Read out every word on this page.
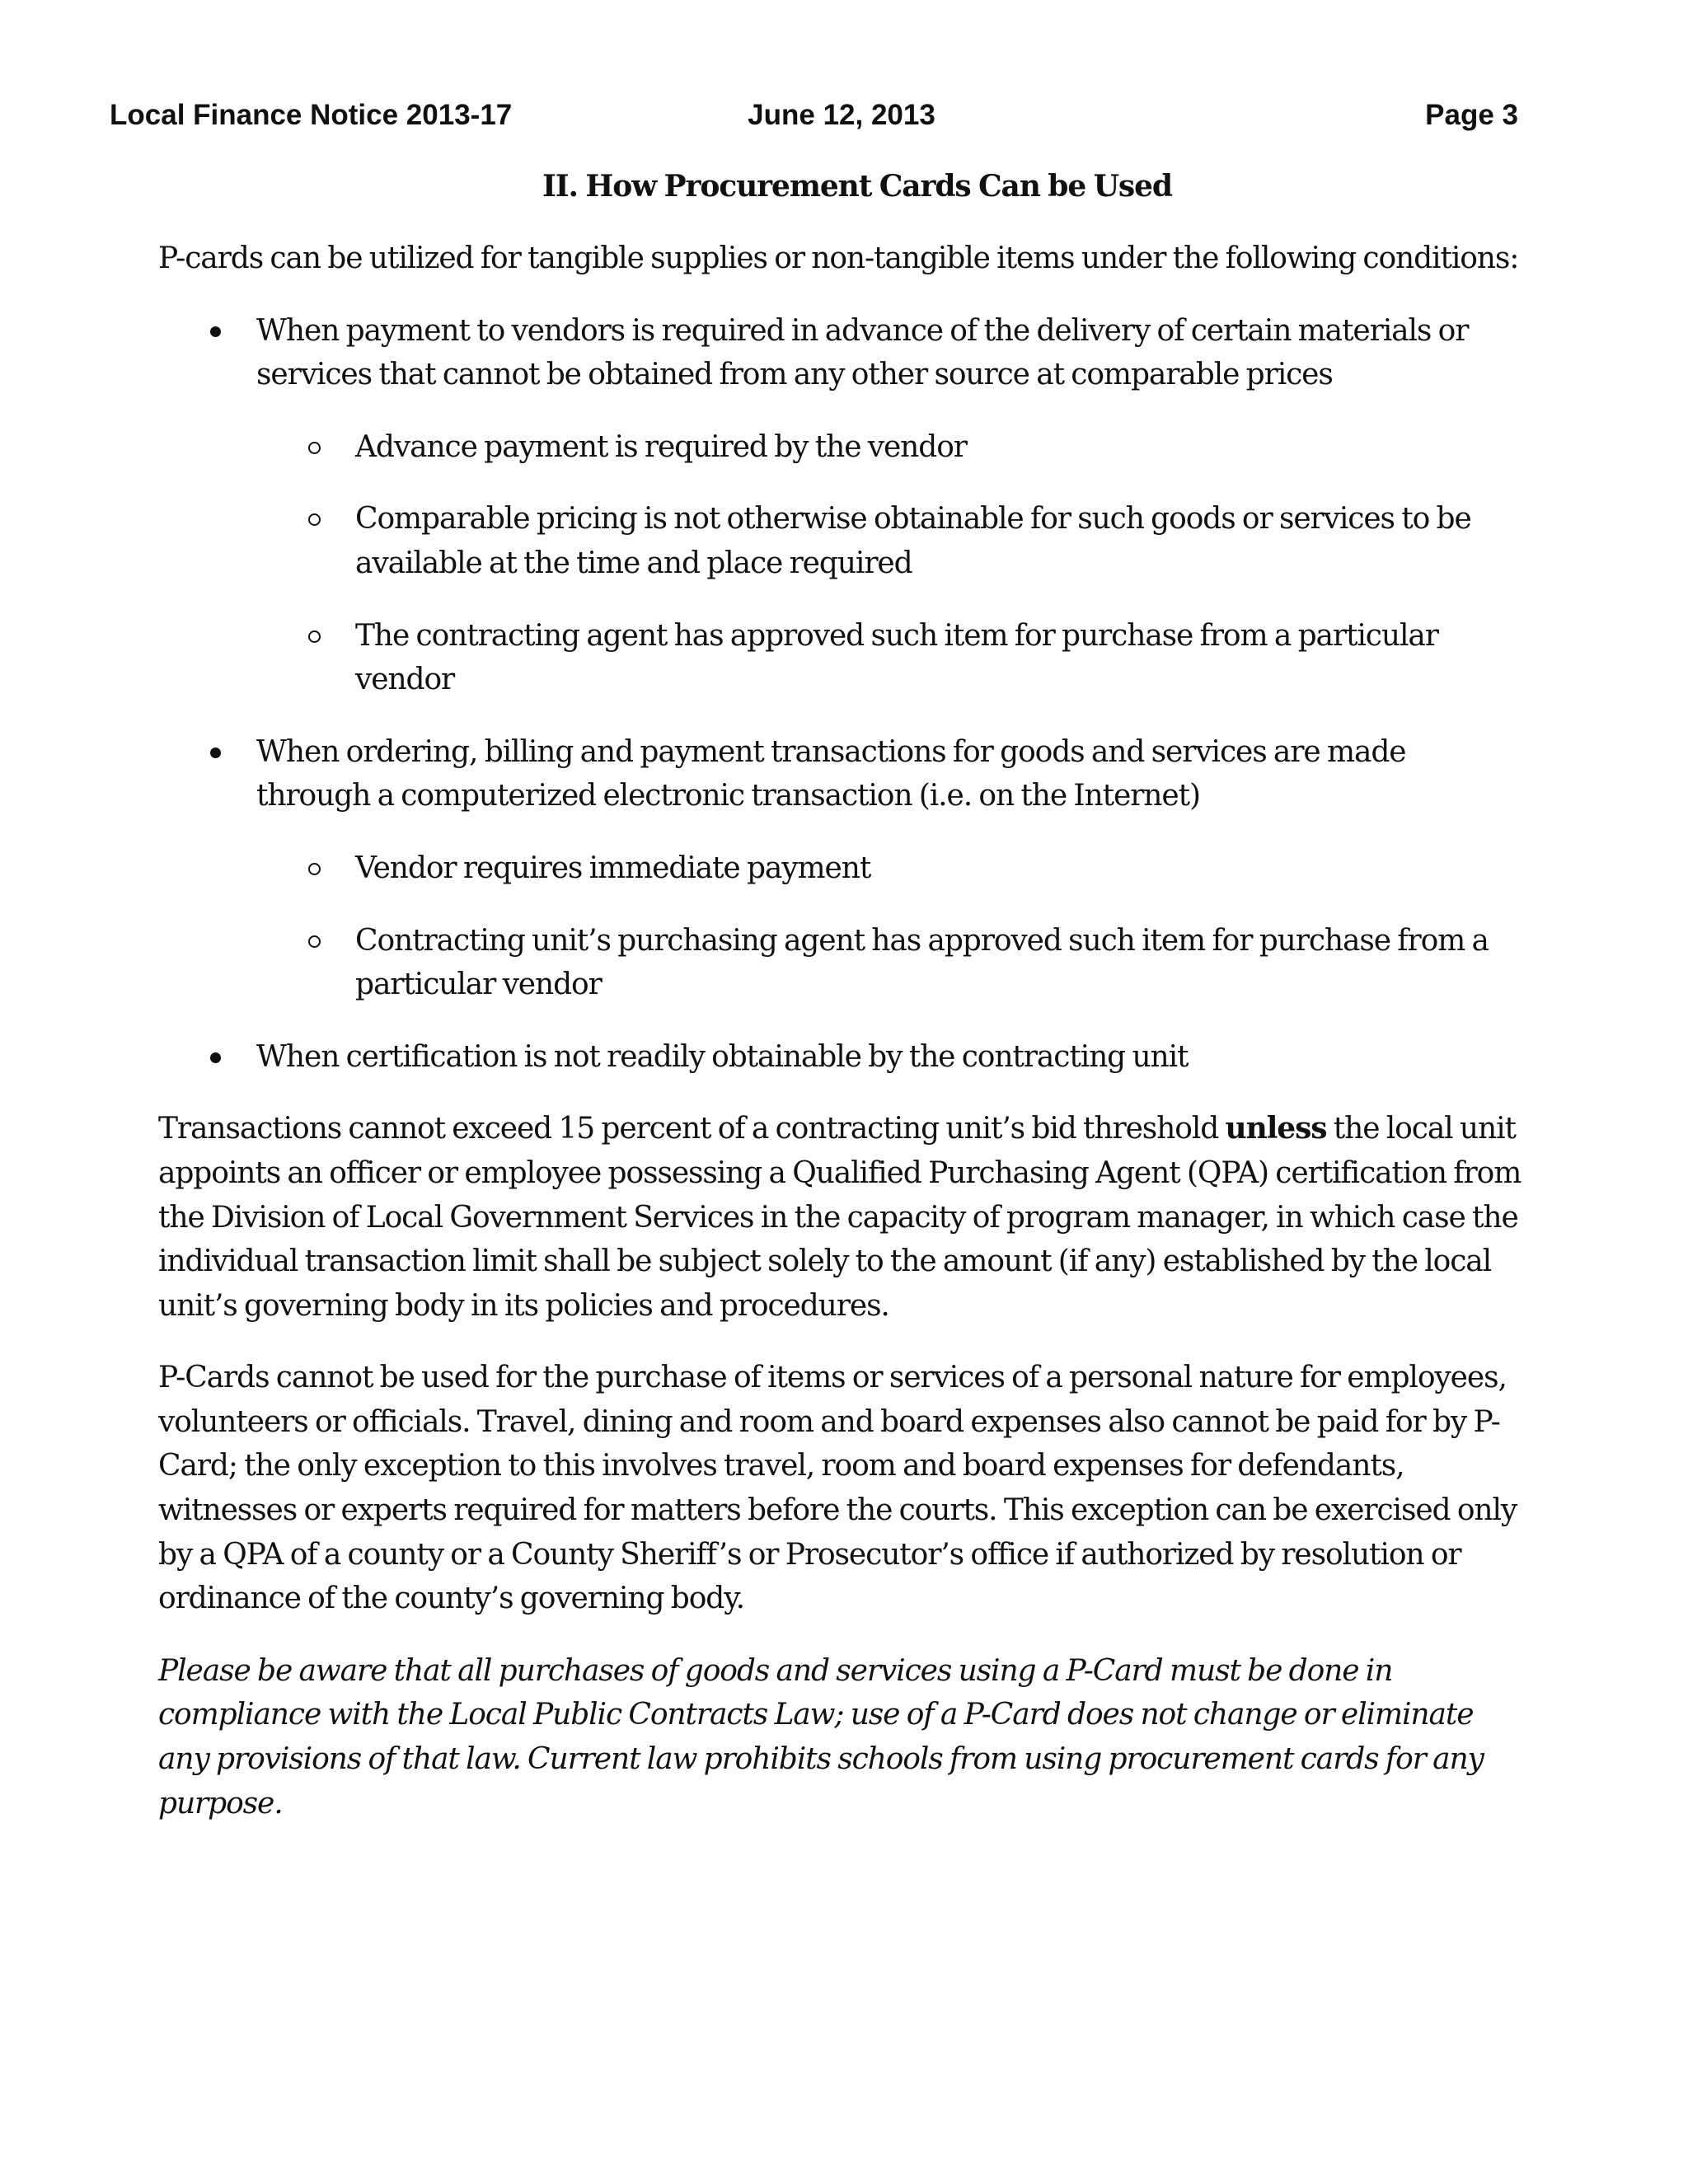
Local Finance Notice 2013-17	June 12, 2013	Page 3
II. How Procurement Cards Can be Used

P-cards can be utilized for tangible supplies or non-tangible items under the following conditions:

When payment to vendors is required in advance of the delivery of certain materials or services that cannot be obtained from any other source at comparable prices
Advance payment is required by the vendor
Comparable pricing is not otherwise obtainable for such goods or services to be available at the time and place required
The contracting agent has approved such item for purchase from a particular vendor
When ordering, billing and payment transactions for goods and services are made through a computerized electronic transaction (i.e. on the Internet)
Vendor requires immediate payment
Contracting unit’s purchasing agent has approved such item for purchase from a particular vendor
When certification is not readily obtainable by the contracting unit

Transactions cannot exceed 15 percent of a contracting unit’s bid threshold unless the local unit appoints an officer or employee possessing a Qualified Purchasing Agent (QPA) certification from the Division of Local Government Services in the capacity of program manager, in which case the individual transaction limit shall be subject solely to the amount (if any) established by the local unit’s governing body in its policies and procedures.

P-Cards cannot be used for the purchase of items or services of a personal nature for employees, volunteers or officials. Travel, dining and room and board expenses also cannot be paid for by P-Card; the only exception to this involves travel, room and board expenses for defendants, witnesses or experts required for matters before the courts. This exception can be exercised only by a QPA of a county or a County Sheriff’s or Prosecutor’s office if authorized by resolution or ordinance of the county’s governing body.

Please be aware that all purchases of goods and services using a P-Card must be done in compliance with the Local Public Contracts Law; use of a P-Card does not change or eliminate any provisions of that law. Current law prohibits schools from using procurement cards for any purpose.
